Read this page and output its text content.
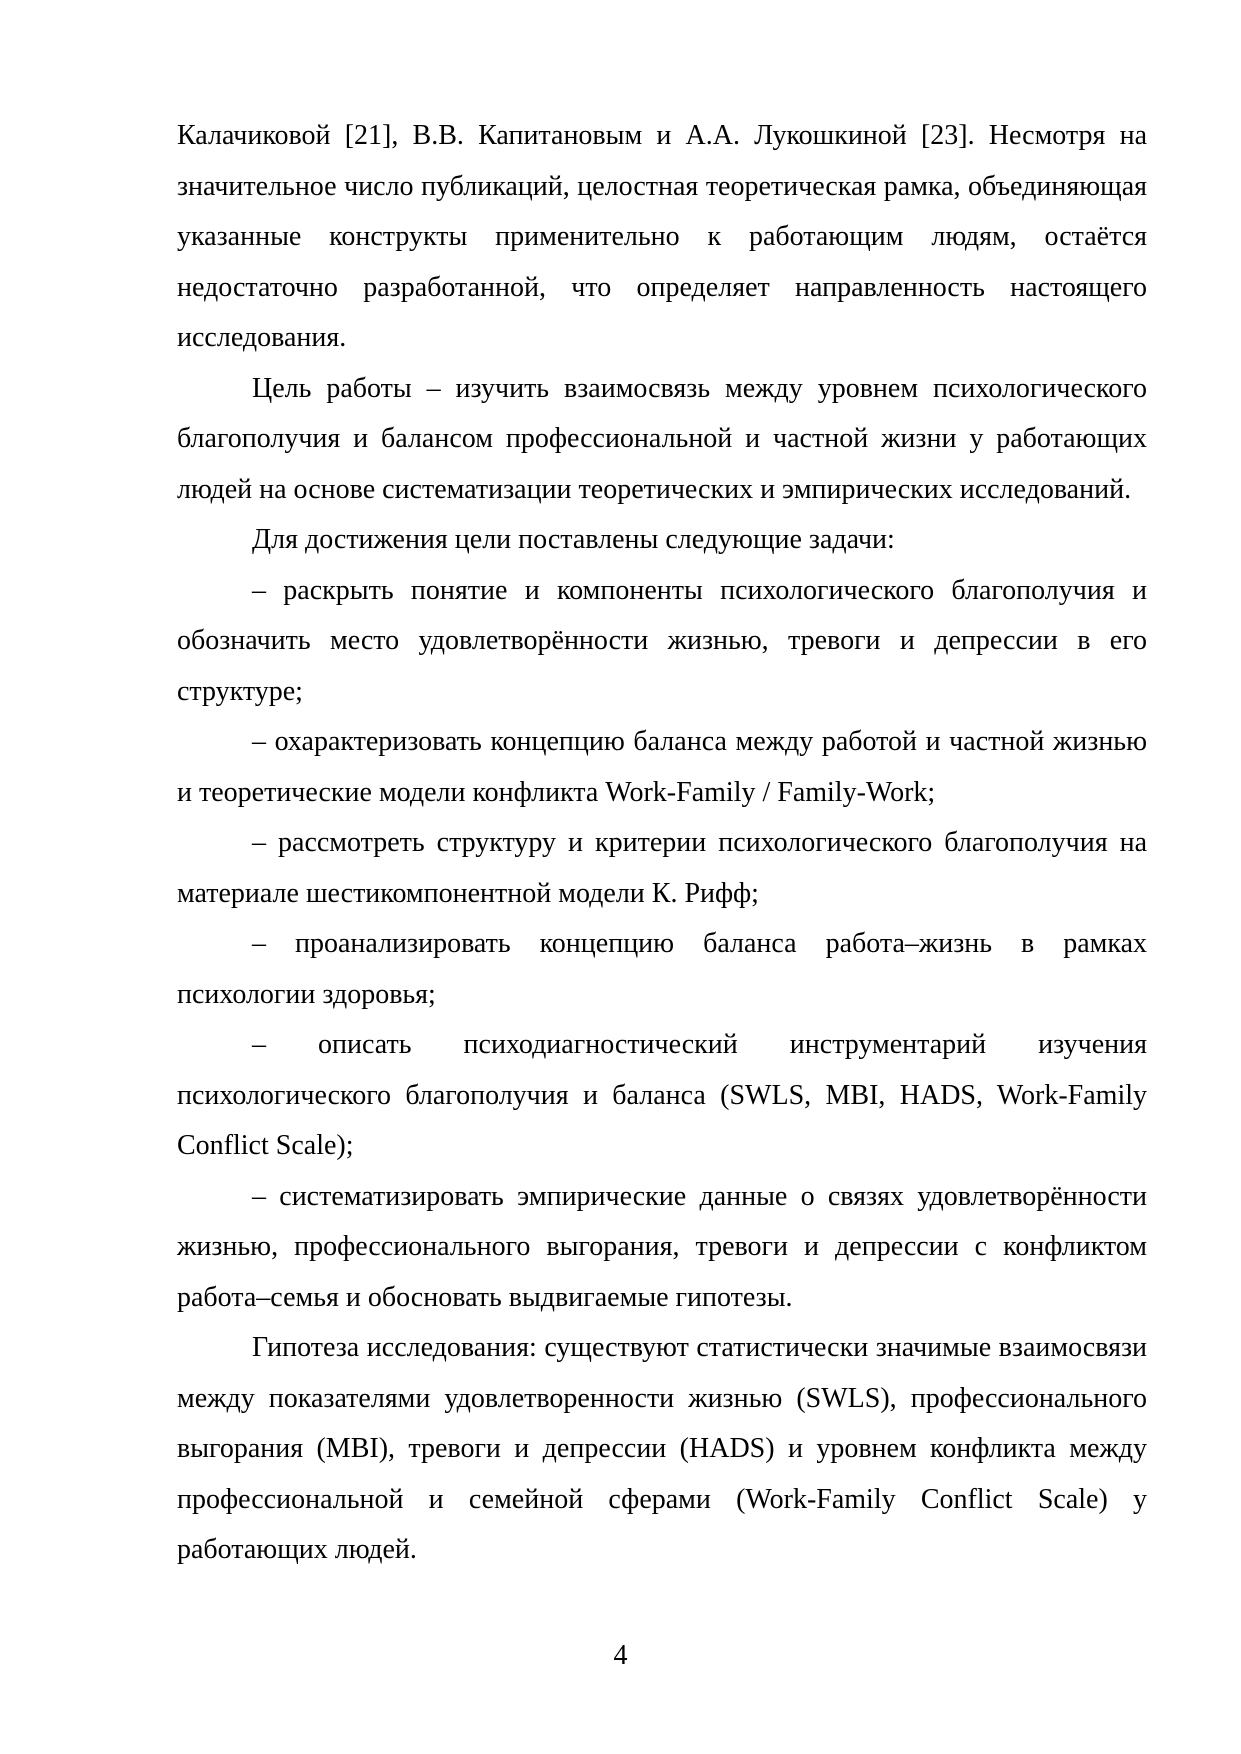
Калачиковой [21], В.В. Капитановым и А.А. Лукошкиной [23]. Несмотря на значительное число публикаций, целостная теоретическая рамка, объединяющая указанные конструкты применительно к работающим людям, остаётся недостаточно разработанной, что определяет направленность настоящего исследования.

Цель работы – изучить взаимосвязь между уровнем психологического благополучия и балансом профессиональной и частной жизни у работающих людей на основе систематизации теоретических и эмпирических исследований.

Для достижения цели поставлены следующие задачи:

– раскрыть понятие и компоненты психологического благополучия и обозначить место удовлетворённости жизнью, тревоги и депрессии в его структуре;

– охарактеризовать концепцию баланса между работой и частной жизнью и теоретические модели конфликта Work-Family / Family-Work;

– рассмотреть структуру и критерии психологического благополучия на материале шестикомпонентной модели К. Рифф;

– проанализировать концепцию баланса работа–жизнь в рамках психологии здоровья;

– описать психодиагностический инструментарий изучения психологического благополучия и баланса (SWLS, MBI, HADS, Work-Family Conflict Scale);

– систематизировать эмпирические данные о связях удовлетворённости жизнью, профессионального выгорания, тревоги и депрессии с конфликтом работа–семья и обосновать выдвигаемые гипотезы.

Гипотеза исследования: существуют статистически значимые взаимосвязи между показателями удовлетворенности жизнью (SWLS), профессионального выгорания (MBI), тревоги и депрессии (HADS) и уровнем конфликта между профессиональной и семейной сферами (Work-Family Conflict Scale) у работающих людей.

4
